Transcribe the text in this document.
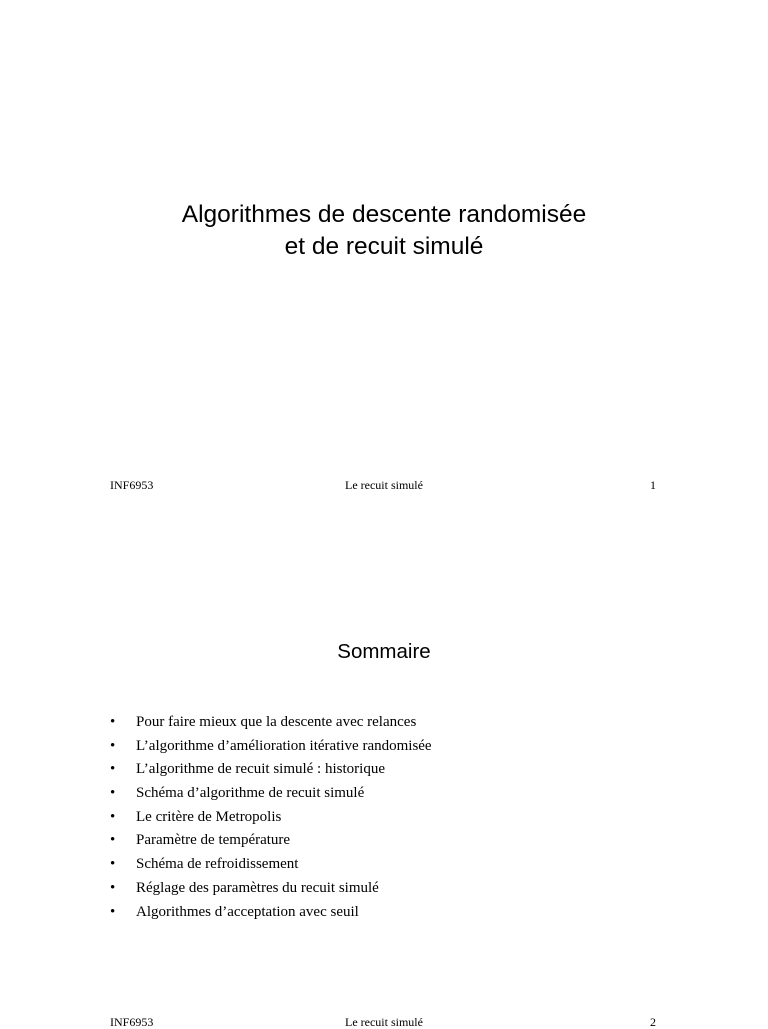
Algorithmes de descente randomisée
et de recuit simulé
INF6953	Le recuit simulé	1
Sommaire
• Pour faire mieux que la descente avec relances
• L’algorithme d’amélioration itérative randomisée
• L’algorithme de recuit simulé : historique
• Schéma d’algorithme de recuit simulé
• Le critère de Metropolis
• Paramètre de température
• Schéma de refroidissement
• Réglage des paramètres du recuit simulé
• Algorithmes d’acceptation avec seuil
INF6953	Le recuit simulé	2
